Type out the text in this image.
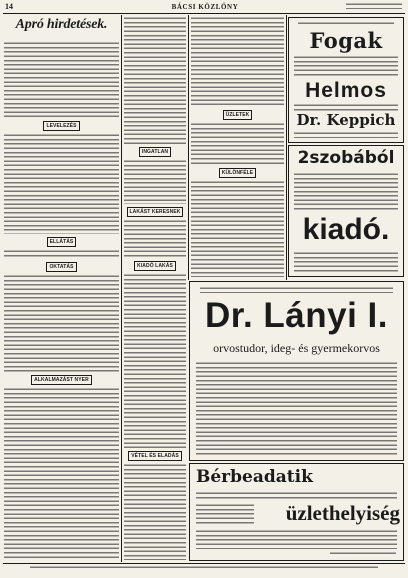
14	BÁCSI KÖZLÖNY
Apró hirdetések.
LEVELEZÉS
ELLÁTÁS
OKTATÁS
ALKALMAZÁST NYER
INGATLAN
LAKÁST KERESNEK
KIADÓ LAKÁS
VÉTEL ÉS ELADÁS
ÜZLETEK
KÜLÖNFÉLE
Fogak
Helmos
Dr. Keppich
2szobából
kiadó.
Dr. Lányi I.
orvostudor, ideg- és gyermekorvos
Bérbeadatik
üzlethelyiség
